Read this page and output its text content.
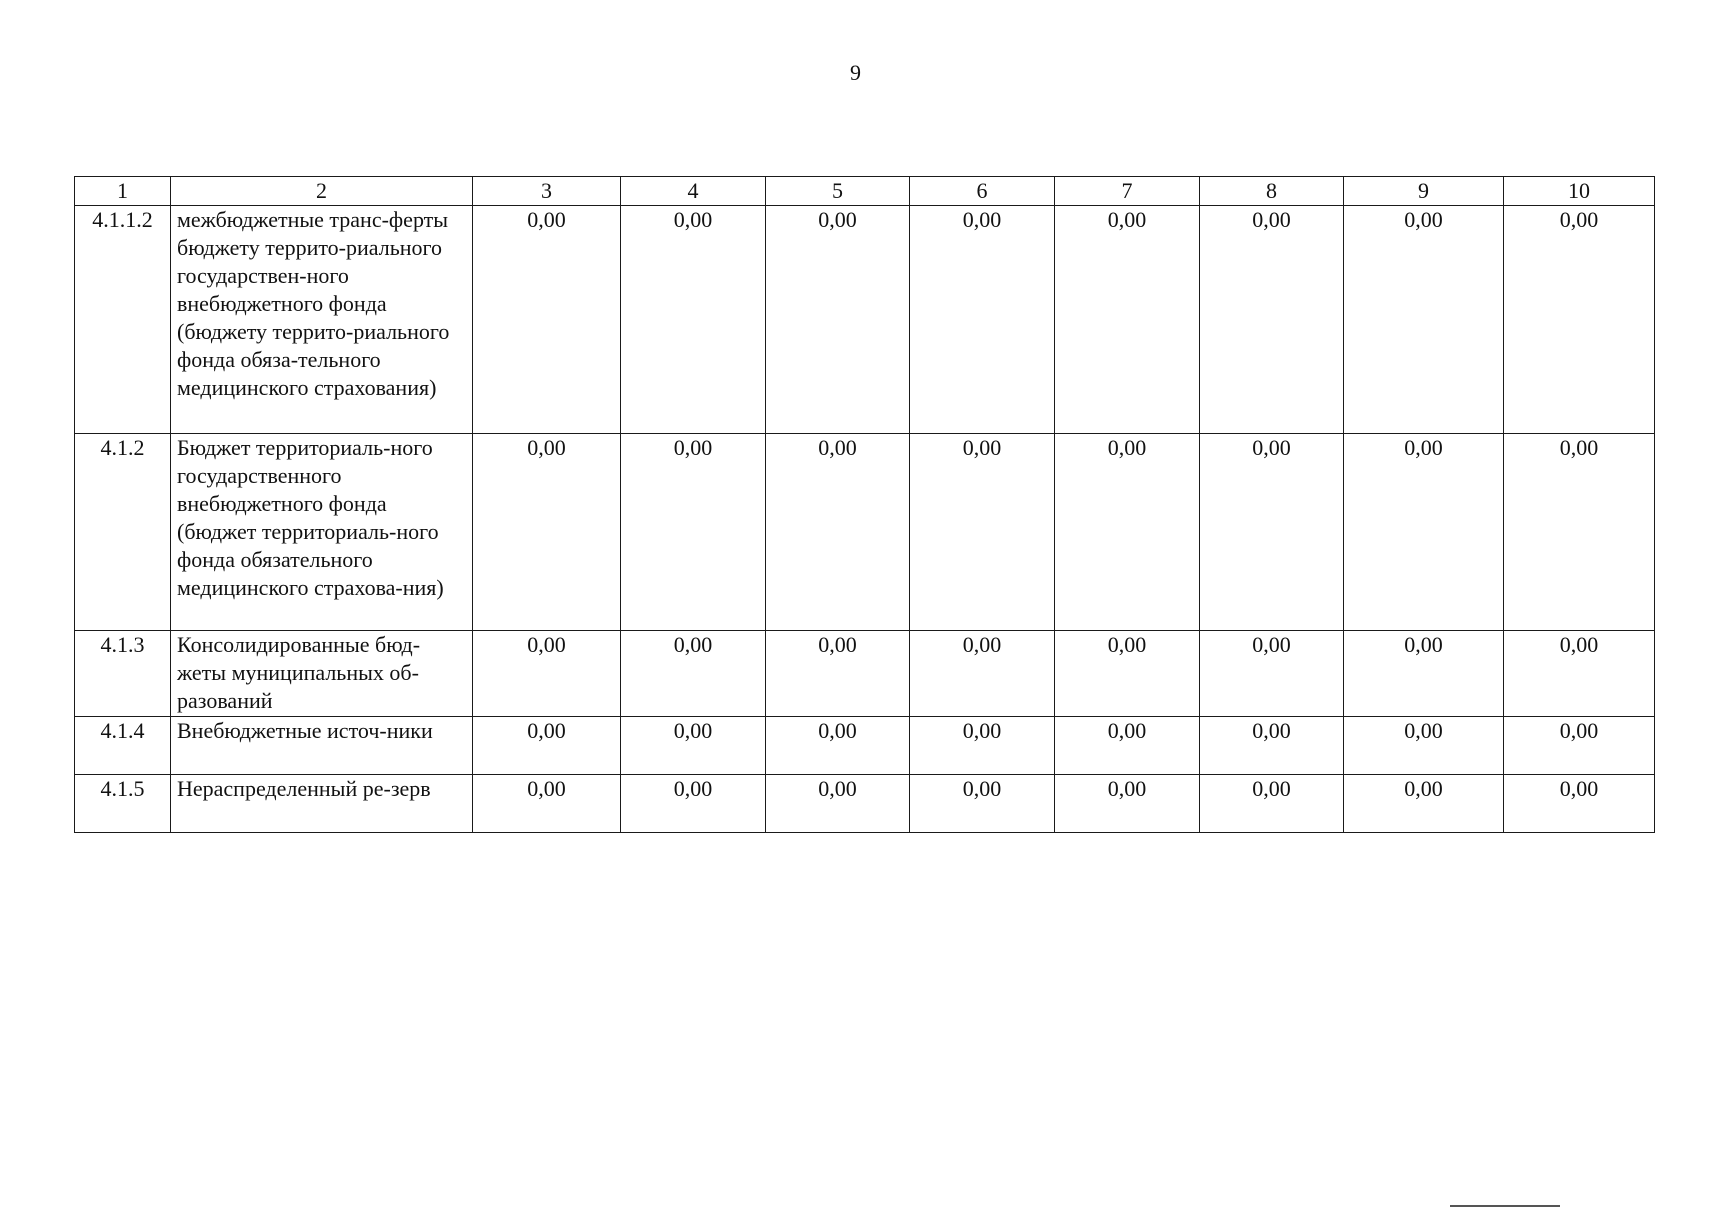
9
1	2	3	4	5	6	7	8	9	10
4.1.1.2	межбюджетные транс-ферты бюджету террито-риального государствен-ного внебюджетного фонда (бюджету террито-риального фонда обяза-тельного медицинского страхования)	0,00	0,00	0,00	0,00	0,00	0,00	0,00	0,00
4.1.2	Бюджет территориаль-ного государственного внебюджетного фонда (бюджет территориаль-ного фонда обязательного медицинского страхова-ния)	0,00	0,00	0,00	0,00	0,00	0,00	0,00	0,00
4.1.3	Консолидированные бюд-жеты муниципальных об-разований	0,00	0,00	0,00	0,00	0,00	0,00	0,00	0,00
4.1.4	Внебюджетные источ-ники	0,00	0,00	0,00	0,00	0,00	0,00	0,00	0,00
4.1.5	Нераспределенный ре-зерв	0,00	0,00	0,00	0,00	0,00	0,00	0,00	0,00
